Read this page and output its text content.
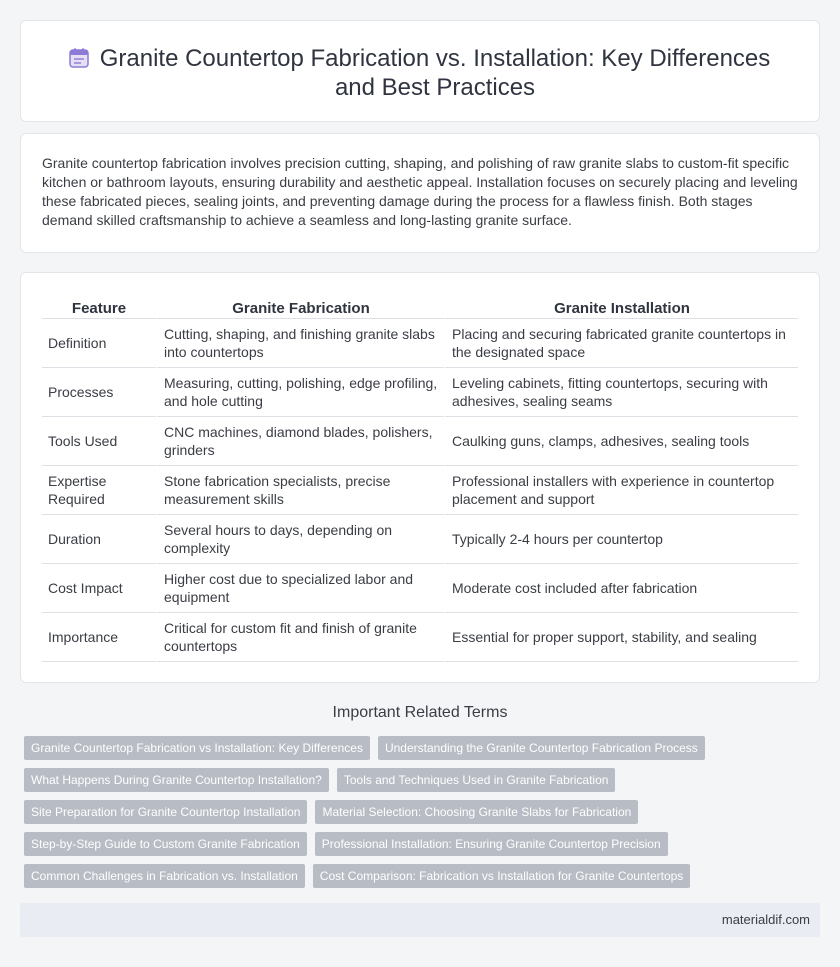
Granite Countertop Fabrication vs. Installation: Key Differences and Best Practices

Granite countertop fabrication involves precision cutting, shaping, and polishing of raw granite slabs to custom-fit specific kitchen or bathroom layouts, ensuring durability and aesthetic appeal. Installation focuses on securely placing and leveling these fabricated pieces, sealing joints, and preventing damage during the process for a flawless finish. Both stages demand skilled craftsmanship to achieve a seamless and long-lasting granite surface.

Feature	Granite Fabrication	Granite Installation
Definition	Cutting, shaping, and finishing granite slabs into countertops	Placing and securing fabricated granite countertops in the designated space
Processes	Measuring, cutting, polishing, edge profiling, and hole cutting	Leveling cabinets, fitting countertops, securing with adhesives, sealing seams
Tools Used	CNC machines, diamond blades, polishers, grinders	Caulking guns, clamps, adhesives, sealing tools
Expertise Required	Stone fabrication specialists, precise measurement skills	Professional installers with experience in countertop placement and support
Duration	Several hours to days, depending on complexity	Typically 2-4 hours per countertop
Cost Impact	Higher cost due to specialized labor and equipment	Moderate cost included after fabrication
Importance	Critical for custom fit and finish of granite countertops	Essential for proper support, stability, and sealing
Important Related Terms
Granite Countertop Fabrication vs Installation: Key Differences	Understanding the Granite Countertop Fabrication Process
What Happens During Granite Countertop Installation?	Tools and Techniques Used in Granite Fabrication
Site Preparation for Granite Countertop Installation	Material Selection: Choosing Granite Slabs for Fabrication
Step-by-Step Guide to Custom Granite Fabrication	Professional Installation: Ensuring Granite Countertop Precision
Common Challenges in Fabrication vs. Installation	Cost Comparison: Fabrication vs Installation for Granite Countertops
materialdif.com
